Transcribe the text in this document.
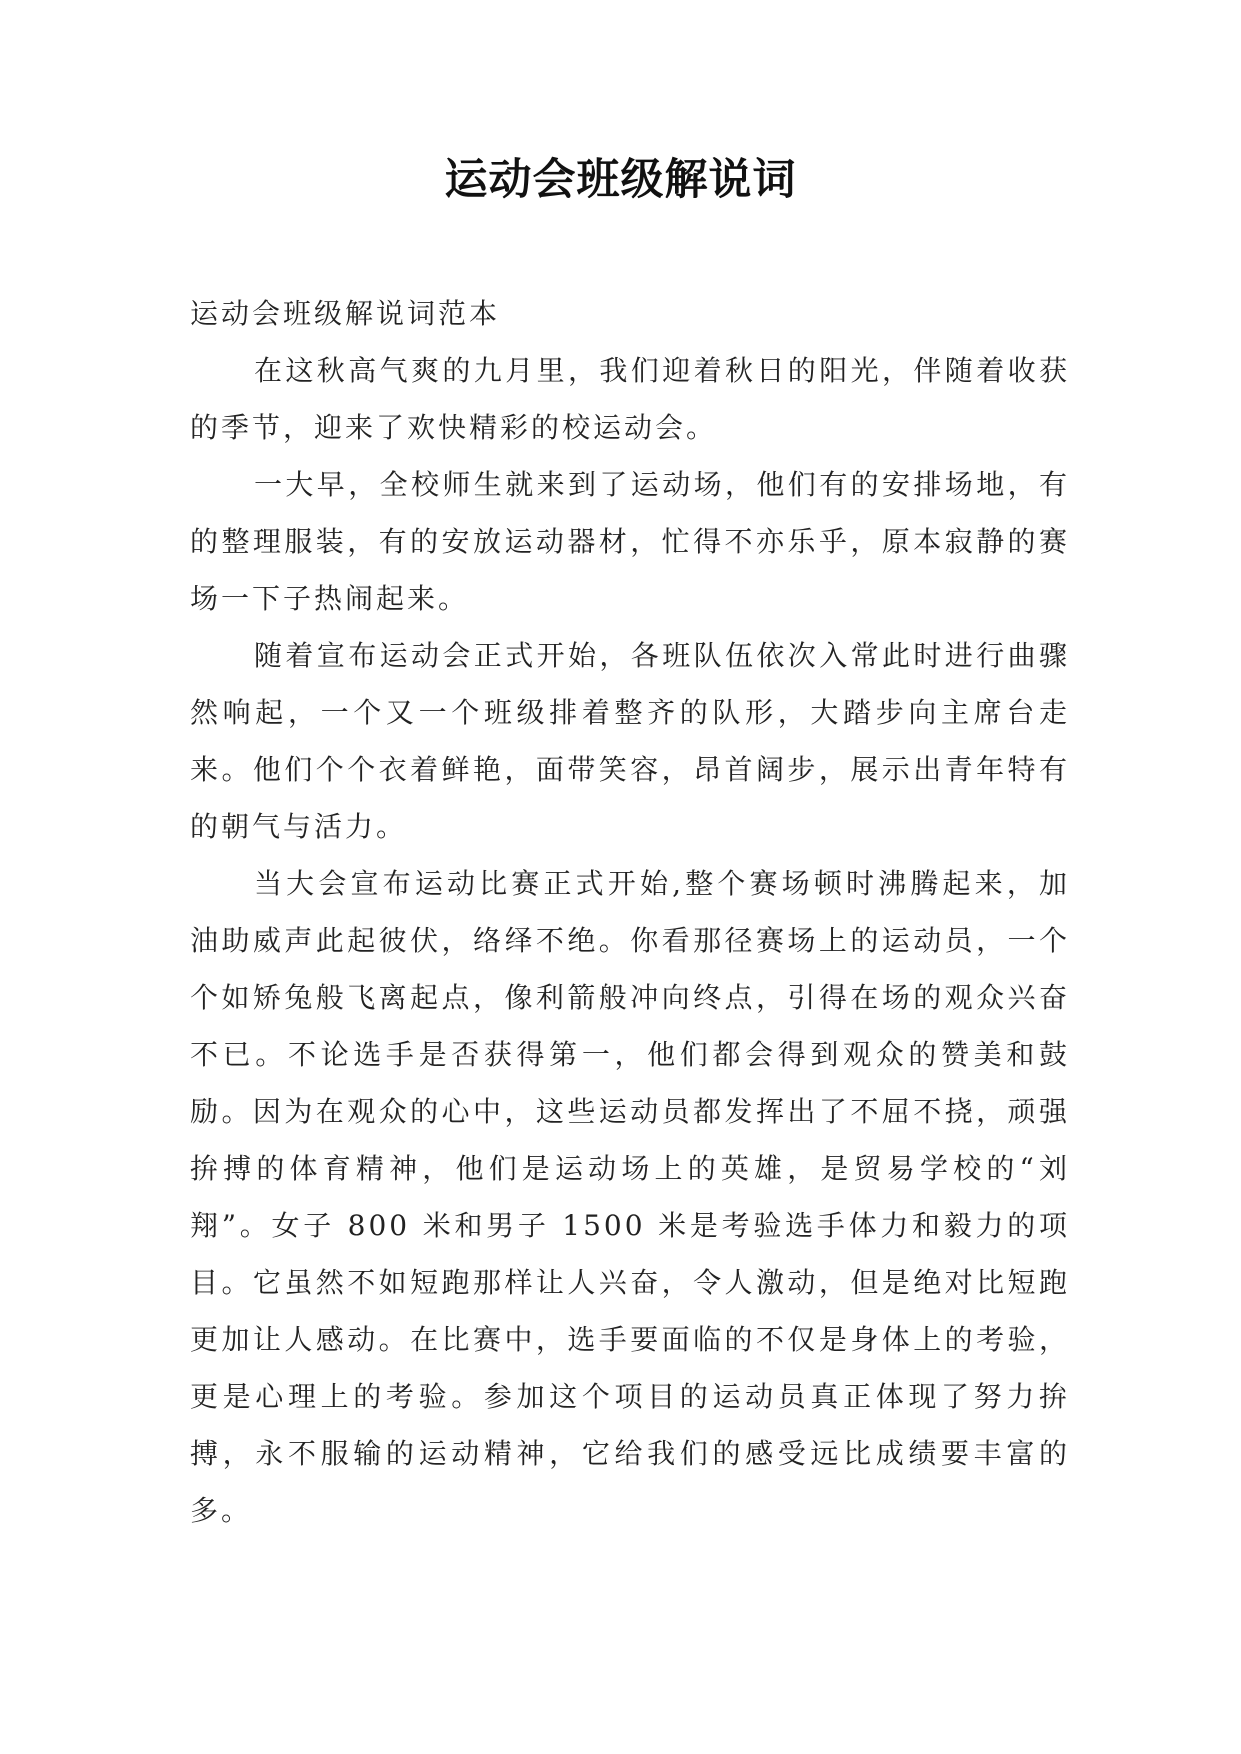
运动会班级解说词

运动会班级解说词范本

在这秋高气爽的九月里，我们迎着秋日的阳光，伴随着收获的季节，迎来了欢快精彩的校运动会。

一大早，全校师生就来到了运动场，他们有的安排场地，有的整理服装，有的安放运动器材，忙得不亦乐乎，原本寂静的赛场一下子热闹起来。

随着宣布运动会正式开始，各班队伍依次入常此时进行曲骤然响起，一个又一个班级排着整齐的队形，大踏步向主席台走来。他们个个衣着鲜艳，面带笑容，昂首阔步，展示出青年特有的朝气与活力。

当大会宣布运动比赛正式开始,整个赛场顿时沸腾起来，加油助威声此起彼伏，络绎不绝。你看那径赛场上的运动员，一个个如矫兔般飞离起点，像利箭般冲向终点，引得在场的观众兴奋不已。不论选手是否获得第一，他们都会得到观众的赞美和鼓励。因为在观众的心中，这些运动员都发挥出了不屈不挠，顽强拚搏的体育精神，他们是运动场上的英雄，是贸易学校的“刘翔”。女子 800 米和男子 1500 米是考验选手体力和毅力的项目。它虽然不如短跑那样让人兴奋，令人激动，但是绝对比短跑更加让人感动。在比赛中，选手要面临的不仅是身体上的考验，更是心理上的考验。参加这个项目的运动员真正体现了努力拚搏，永不服输的运动精神，它给我们的感受远比成绩要丰富的多。
